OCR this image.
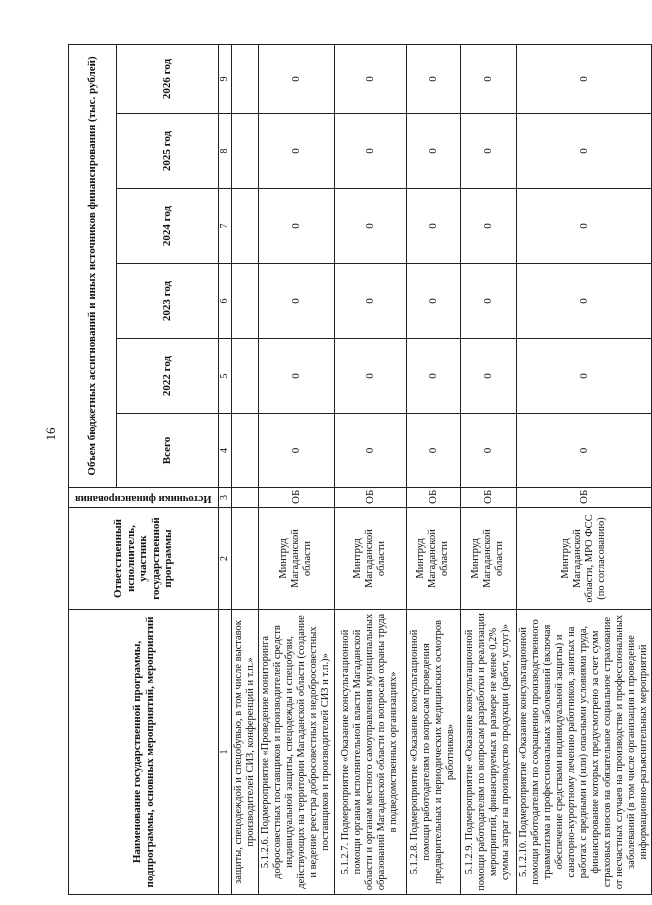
16
Наименование государственной программы, подпрограммы, основных мероприятий, мероприятий	Ответственный исполнитель, участник государственной программы	Источники финансирования	Объем бюджетных ассигнований и иных источников финансирования (тыс. рублей)					
			Всего	2022 год	2023 год	2024 год	2025 год	2026 год
1	2	3	4	5	6	7	8	9
защиты, спецодеждой и спецобувью, в том числе выставок производителей СИЗ, конференций и т.п.»								
5.1.2.6. Подмероприятие «Проведение мониторинга добросовестных поставщиков и производителей средств индивидуальной защиты, спецодежды и спецобуви, действующих на территории Магаданской области (создание и ведение реестра добросовестных и недобросовестных поставщиков и производителей СИЗ и т.п.)»	Минтруд Магаданской области	ОБ	0	0	0	0	0	0
5.1.2.7. Подмероприятие «Оказание консультационной помощи органам исполнительной власти Магаданской области и органам местного самоуправления муниципальных образований Магаданской области по вопросам охраны труда в подведомственных организациях»	Минтруд Магаданской области	ОБ	0	0	0	0	0	0
5.1.2.8. Подмероприятие «Оказание консультационной помощи работодателям по вопросам проведения предварительных и периодических медицинских осмотров работников»	Минтруд Магаданской области	ОБ	0	0	0	0	0	0
5.1.2.9. Подмероприятие «Оказание консультационной помощи работодателям по вопросам разработки и реализации мероприятий, финансируемых в размере не менее 0,2% суммы затрат на производство продукции (работ, услуг)»	Минтруд Магаданской области	ОБ	0	0	0	0	0	0
5.1.2.10. Подмероприятие «Оказание консультационной помощи работодателям по сокращению производственного травматизма и профессиональных заболеваний (включая обеспечение средствами индивидуальной защиты) и санаторно-курортному лечению работников, занятых на работах с вредными и (или) опасными условиями труда, финансирование которых предусмотрено за счет сумм страховых взносов на обязательное социальное страхование от несчастных случаев на производстве и профессиональных заболеваний (в том числе организация и проведение информационно-разъяснительных мероприятий	Минтруд Магаданской области, МРО ФСС (по согласованию)	ОБ	0	0	0	0	0	0
